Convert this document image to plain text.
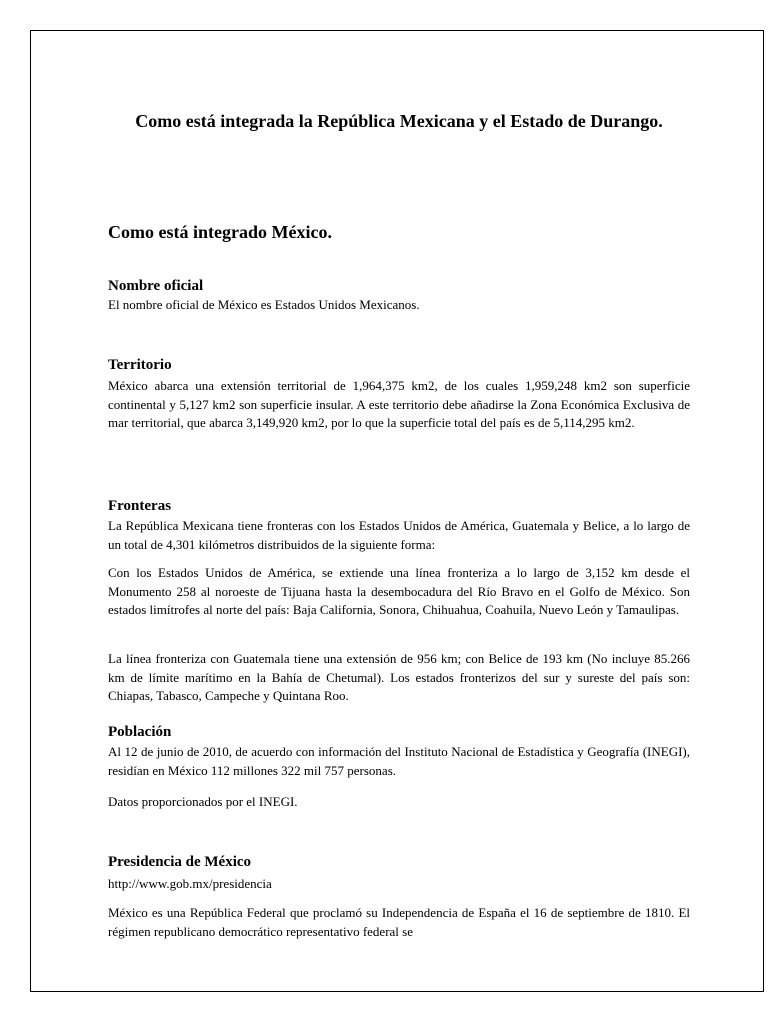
Como está integrada la República Mexicana y el Estado de Durango.
Como está integrado México.
Nombre oficial

El nombre oficial de México es Estados Unidos Mexicanos.

Territorio

México abarca una extensión territorial de 1,964,375 km2, de los cuales 1,959,248 km2 son superficie continental y 5,127 km2 son superficie insular. A este territorio debe añadirse la Zona Económica Exclusiva de mar territorial, que abarca 3,149,920 km2, por lo que la superficie total del país es de 5,114,295 km2.

Fronteras

La República Mexicana tiene fronteras con los Estados Unidos de América, Guatemala y Belice, a lo largo de un total de 4,301 kilómetros distribuidos de la siguiente forma:

Con los Estados Unidos de América, se extiende una línea fronteriza a lo largo de 3,152 km desde el Monumento 258 al noroeste de Tijuana hasta la desembocadura del Río Bravo en el Golfo de México. Son estados limítrofes al norte del país: Baja California, Sonora, Chihuahua, Coahuila, Nuevo León y Tamaulipas.

La línea fronteriza con Guatemala tiene una extensión de 956 km; con Belice de 193 km (No incluye 85.266 km de límite marítimo en la Bahía de Chetumal). Los estados fronterizos del sur y sureste del país son: Chiapas, Tabasco, Campeche y Quintana Roo.

Población

Al 12 de junio de 2010, de acuerdo con información del Instituto Nacional de Estadística y Geografía (INEGI), residían en México 112 millones 322 mil 757 personas.

Datos proporcionados por el INEGI.

Presidencia de México

http://www.gob.mx/presidencia

México es una República Federal que proclamó su Independencia de España el 16 de septiembre de 1810. El régimen republicano democrático representativo federal se
